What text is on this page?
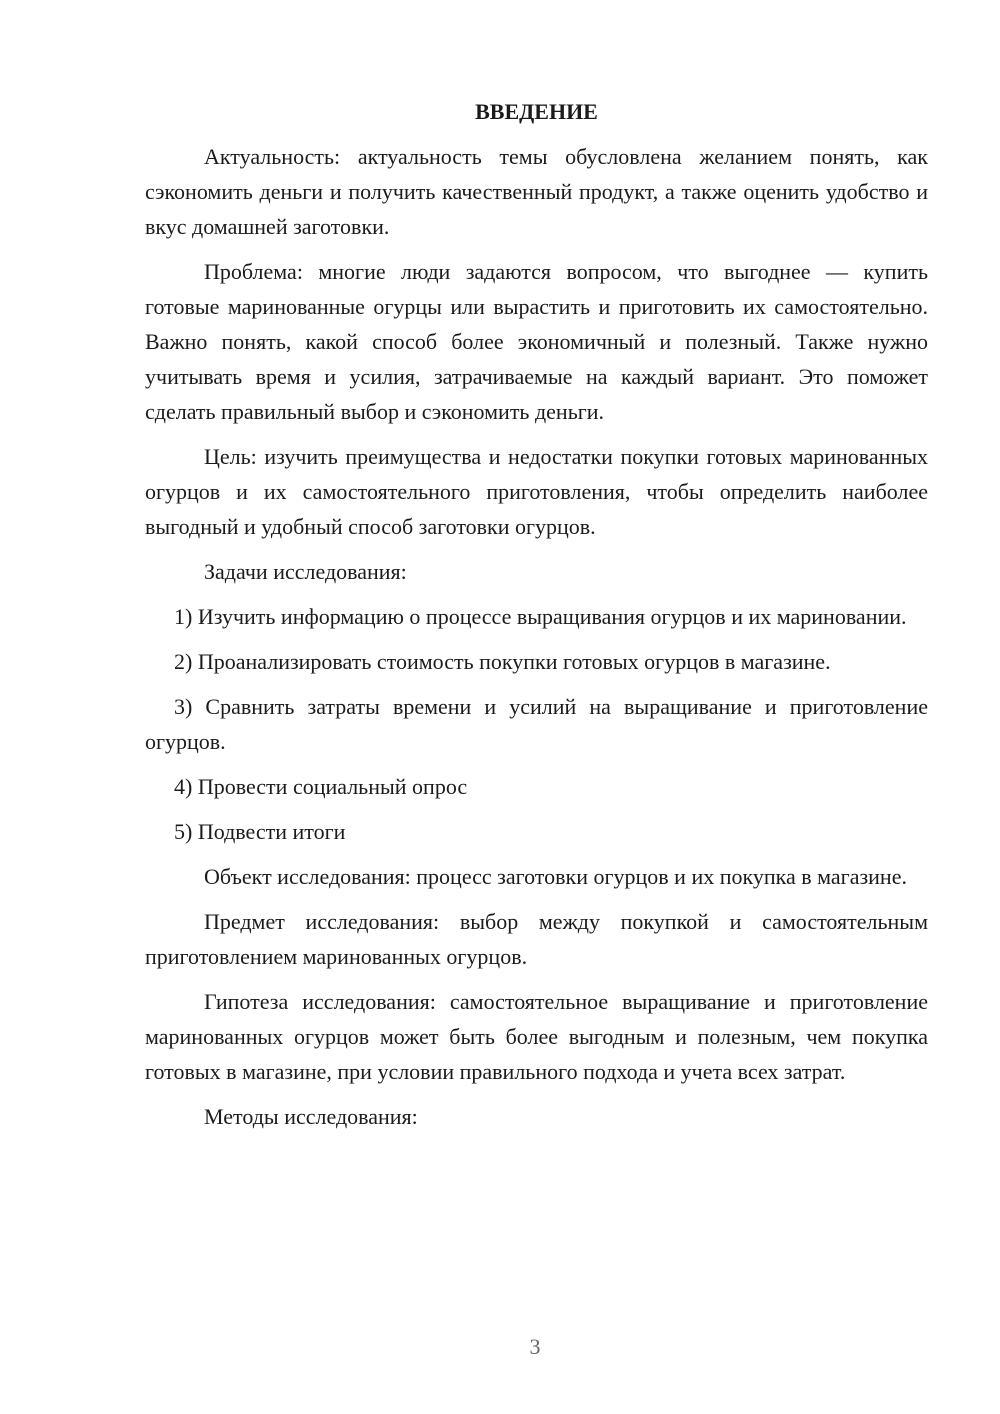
ВВЕДЕНИЕ

Актуальность: актуальность темы обусловлена желанием понять, как сэкономить деньги и получить качественный продукт, а также оценить удобство и вкус домашней заготовки.

Проблема: многие люди задаются вопросом, что выгоднее — купить готовые маринованные огурцы или вырастить и приготовить их самостоятельно. Важно понять, какой способ более экономичный и полезный. Также нужно учитывать время и усилия, затрачиваемые на каждый вариант. Это поможет сделать правильный выбор и сэкономить деньги.

Цель: изучить преимущества и недостатки покупки готовых маринованных огурцов и их самостоятельного приготовления, чтобы определить наиболее выгодный и удобный способ заготовки огурцов.

Задачи исследования:

1) Изучить информацию о процессе выращивания огурцов и их мариновании.

2) Проанализировать стоимость покупки готовых огурцов в магазине.

3) Сравнить затраты времени и усилий на выращивание и приготовление огурцов.

4) Провести социальный опрос

5) Подвести итоги

Объект исследования: процесс заготовки огурцов и их покупка в магазине.

Предмет исследования: выбор между покупкой и самостоятельным приготовлением маринованных огурцов.

Гипотеза исследования: самостоятельное выращивание и приготовление маринованных огурцов может быть более выгодным и полезным, чем покупка готовых в магазине, при условии правильного подхода и учета всех затрат.

Методы исследования:

3
